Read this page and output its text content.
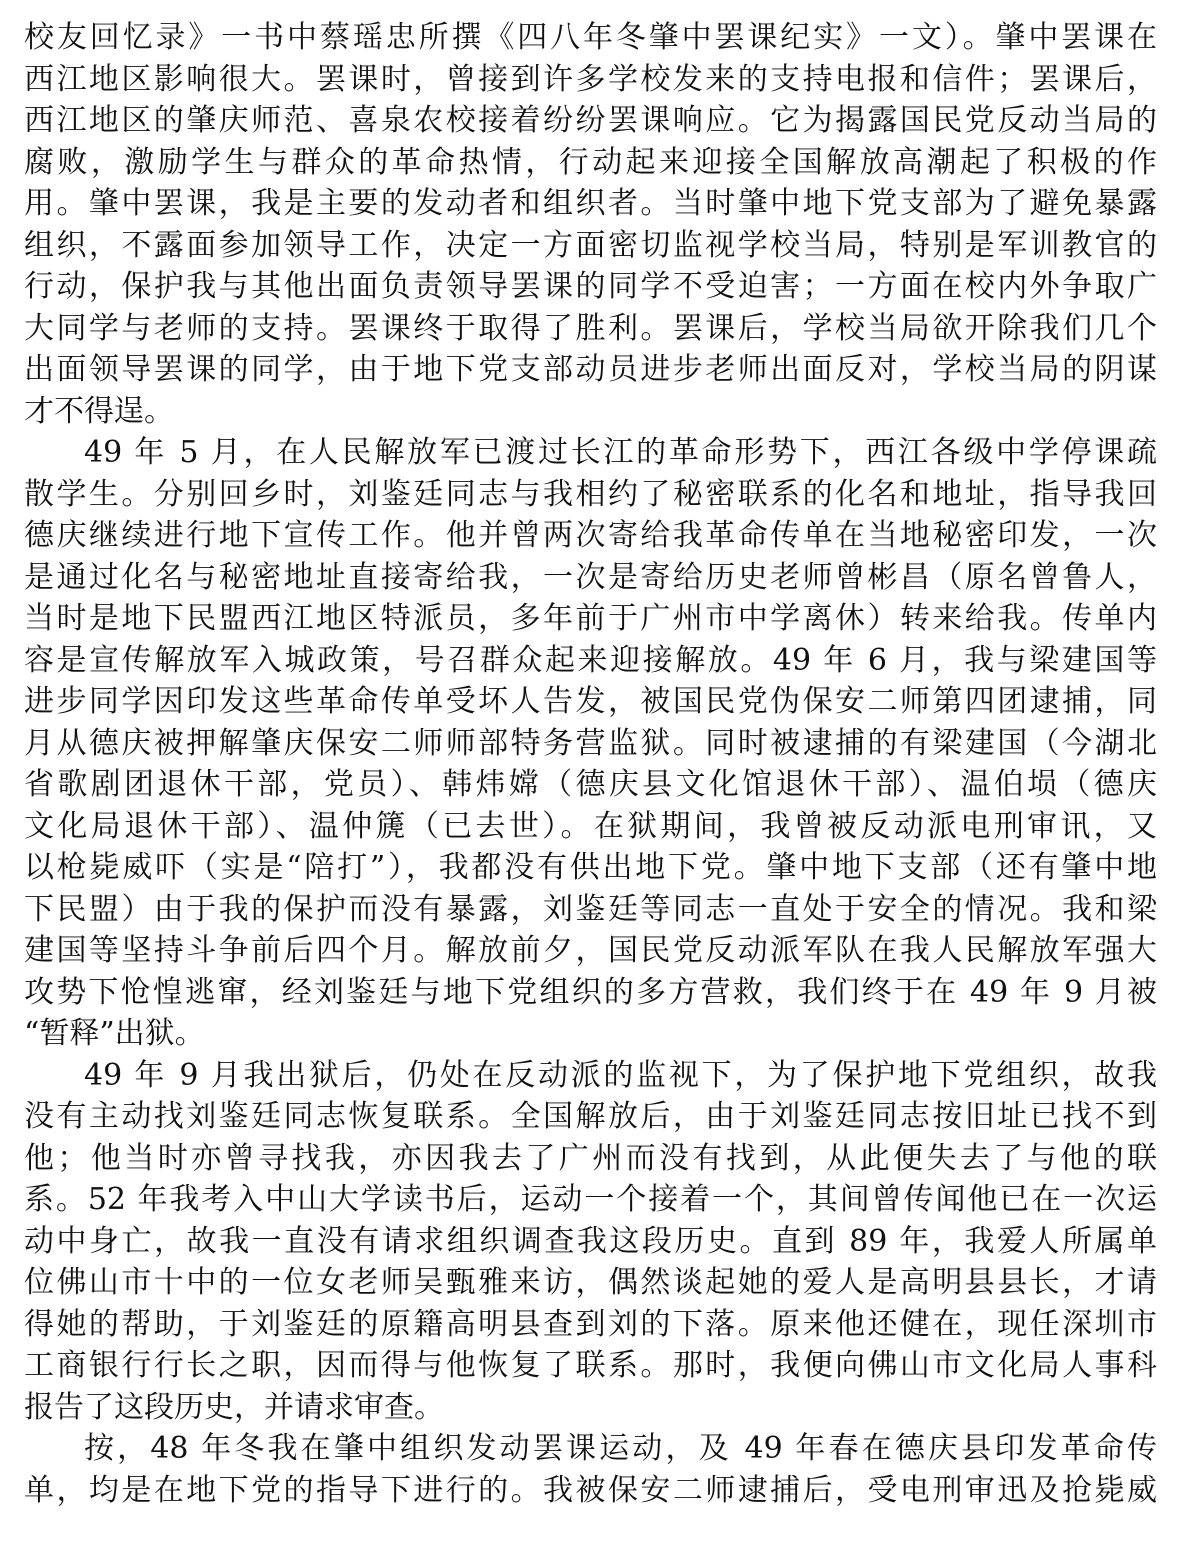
校友回忆录》一书中蔡瑶忠所撰《四八年冬肇中罢课纪实》一文）。肇中罢课在
西江地区影响很大。罢课时，曾接到许多学校发来的支持电报和信件；罢课后，
西江地区的肇庆师范、喜泉农校接着纷纷罢课响应。它为揭露国民党反动当局的
腐败，激励学生与群众的革命热情，行动起来迎接全国解放高潮起了积极的作
用。肇中罢课，我是主要的发动者和组织者。当时肇中地下党支部为了避免暴露
组织，不露面参加领导工作，决定一方面密切监视学校当局，特别是军训教官的
行动，保护我与其他出面负责领导罢课的同学不受迫害；一方面在校内外争取广
大同学与老师的支持。罢课终于取得了胜利。罢课后，学校当局欲开除我们几个
出面领导罢课的同学，由于地下党支部动员进步老师出面反对，学校当局的阴谋
才不得逞。
49 年 5 月，在人民解放军已渡过长江的革命形势下，西江各级中学停课疏
散学生。分别回乡时，刘鉴廷同志与我相约了秘密联系的化名和地址，指导我回
德庆继续进行地下宣传工作。他并曾两次寄给我革命传单在当地秘密印发，一次
是通过化名与秘密地址直接寄给我，一次是寄给历史老师曾彬昌（原名曾鲁人，
当时是地下民盟西江地区特派员，多年前于广州市中学离休）转来给我。传单内
容是宣传解放军入城政策，号召群众起来迎接解放。49 年 6 月，我与梁建国等
进步同学因印发这些革命传单受坏人告发，被国民党伪保安二师第四团逮捕，同
月从德庆被押解肇庆保安二师师部特务营监狱。同时被逮捕的有梁建国（今湖北
省歌剧团退休干部，党员）、韩炜嫦（德庆县文化馆退休干部）、温伯埙（德庆
文化局退休干部）、温仲篪（已去世）。在狱期间，我曾被反动派电刑审讯，又
以枪毙威吓（实是“陪打”），我都没有供出地下党。肇中地下支部（还有肇中地
下民盟）由于我的保护而没有暴露，刘鉴廷等同志一直处于安全的情况。我和梁
建国等坚持斗争前后四个月。解放前夕，国民党反动派军队在我人民解放军强大
攻势下怆惶逃窜，经刘鉴廷与地下党组织的多方营救，我们终于在 49 年 9 月被
“暂释”出狱。
49 年 9 月我出狱后，仍处在反动派的监视下，为了保护地下党组织，故我
没有主动找刘鉴廷同志恢复联系。全国解放后，由于刘鉴廷同志按旧址已找不到
他；他当时亦曾寻找我，亦因我去了广州而没有找到，从此便失去了与他的联
系。52 年我考入中山大学读书后，运动一个接着一个，其间曾传闻他已在一次运
动中身亡，故我一直没有请求组织调查我这段历史。直到 89 年，我爱人所属单
位佛山市十中的一位女老师吴甄雅来访，偶然谈起她的爱人是高明县县长，才请
得她的帮助，于刘鉴廷的原籍高明县查到刘的下落。原来他还健在，现任深圳市
工商银行行长之职，因而得与他恢复了联系。那时，我便向佛山市文化局人事科
报告了这段历史，并请求审查。
按，48 年冬我在肇中组织发动罢课运动，及 49 年春在德庆县印发革命传
单，均是在地下党的指导下进行的。我被保安二师逮捕后，受电刑审迅及抢毙威
